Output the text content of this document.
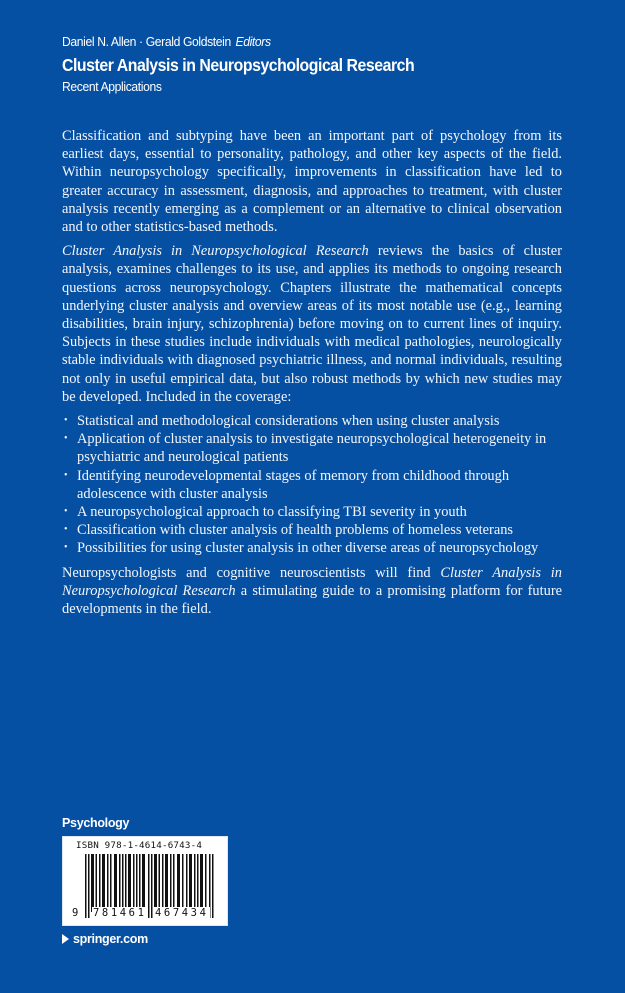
Daniel N. Allen · Gerald Goldstein Editors
Cluster Analysis in Neuropsychological Research
Recent Applications

Classification and subtyping have been an important part of psychology from its earliest days, essential to personality, pathology, and other key aspects of the field. Within neuropsychology specifically, improvements in classification have led to greater accuracy in assessment, diagnosis, and approaches to treatment, with cluster analysis recently emerging as a complement or an alternative to clinical observation and to other statistics-based methods.

Cluster Analysis in Neuropsychological Research reviews the basics of cluster analysis, examines challenges to its use, and applies its methods to ongoing research questions across neuropsychology. Chapters illustrate the mathematical concepts underlying cluster analysis and overview areas of its most notable use (e.g., learning disabilities, brain injury, schizophrenia) before moving on to current lines of inquiry. Subjects in these studies include individuals with medical pathologies, neurologically stable individuals with diagnosed psychiatric illness, and normal individuals, resulting not only in useful empirical data, but also robust methods by which new studies may be developed. Included in the coverage:

• Statistical and methodological considerations when using cluster analysis
• Application of cluster analysis to investigate neuropsychological heterogeneity in psychiatric and neurological patients
• Identifying neurodevelopmental stages of memory from childhood through adolescence with cluster analysis
• A neuropsychological approach to classifying TBI severity in youth
• Classification with cluster analysis of health problems of homeless veterans
• Possibilities for using cluster analysis in other diverse areas of neuropsychology

Neuropsychologists and cognitive neuroscientists will find Cluster Analysis in Neuropsychological Research a stimulating guide to a promising platform for future developments in the field.

Psychology
ISBN 978-1-4614-6743-4
9 781461 467434
springer.com
